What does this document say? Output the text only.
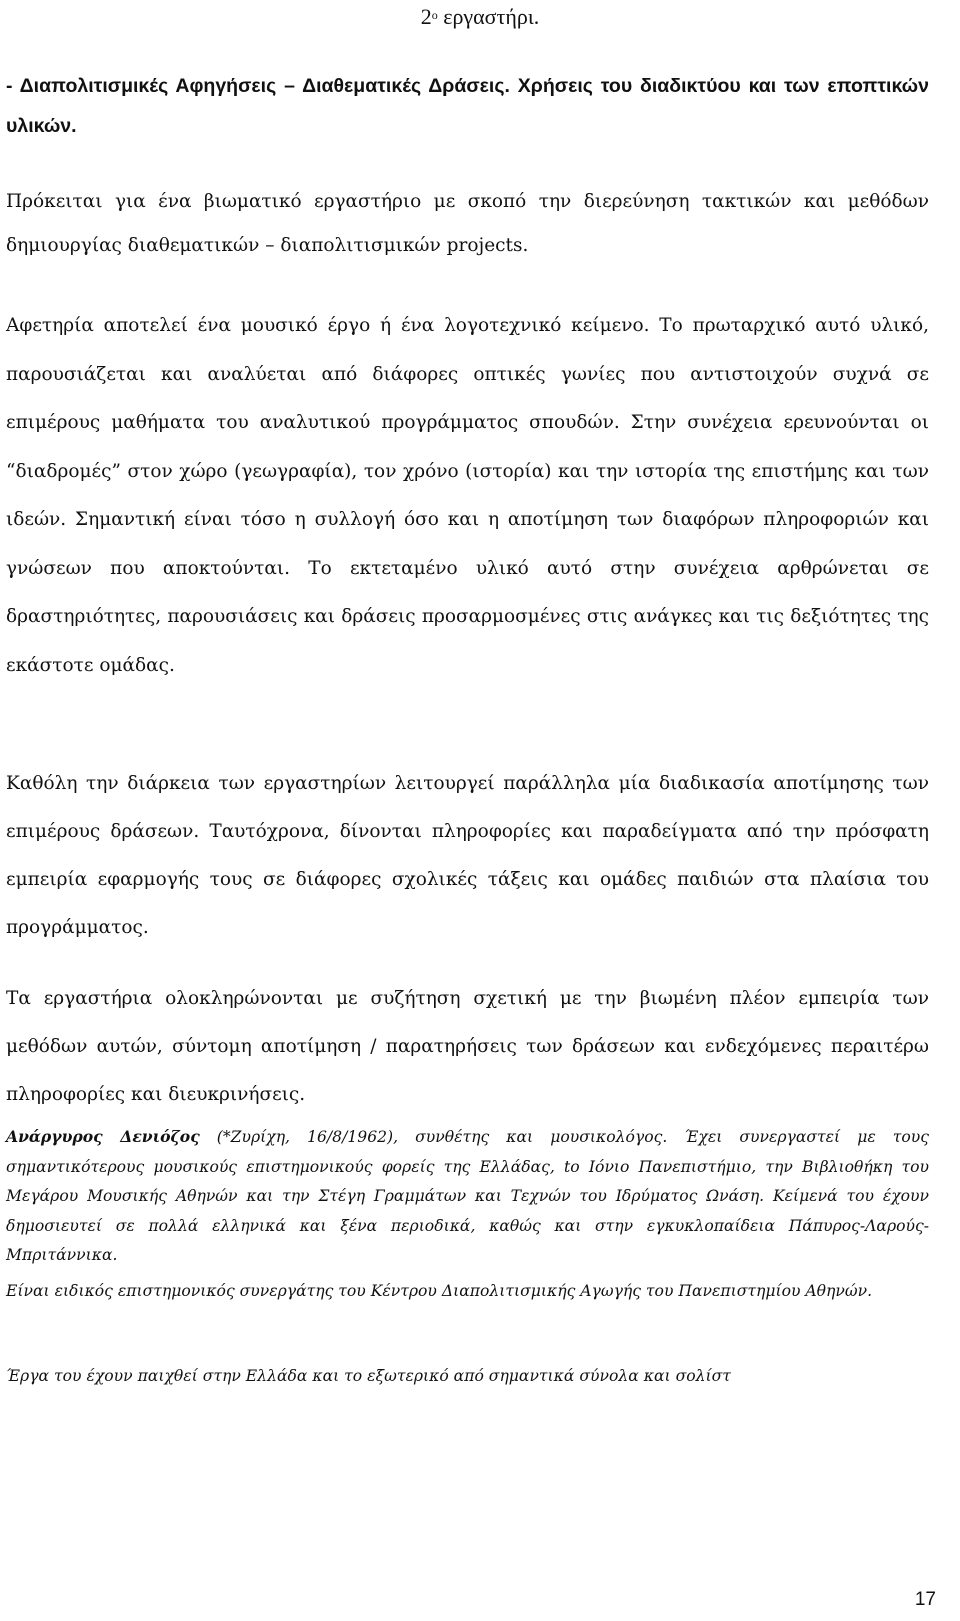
$2^o$ εργαστήρι.
- Διαπολιτισμικές Αφηγήσεις – Διαθεματικές Δράσεις. Χρήσεις του διαδικτύου και των εποπτικών υλικών.
Πρόκειται για ένα βιωματικό εργαστήριο με σκοπό την διερεύνηση τακτικών και μεθόδων δημιουργίας διαθεματικών – διαπολιτισμικών projects.
Αφετηρία αποτελεί ένα μουσικό έργο ή ένα λογοτεχνικό κείμενο. Το πρωταρχικό αυτό υλικό, παρουσιάζεται και αναλύεται από διάφορες οπτικές γωνίες που αντιστοιχούν συχνά σε επιμέρους μαθήματα του αναλυτικού προγράμματος σπουδών. Στην συνέχεια ερευνούνται οι “διαδρομές” στον χώρο (γεωγραφία), τον χρόνο (ιστορία) και την ιστορία της επιστήμης και των ιδεών. Σημαντική είναι τόσο η συλλογή όσο και η αποτίμηση των διαφόρων πληροφοριών και γνώσεων που αποκτούνται. Το εκτεταμένο υλικό αυτό στην συνέχεια αρθρώνεται σε δραστηριότητες, παρουσιάσεις και δράσεις προσαρμοσμένες στις ανάγκες και τις δεξιότητες της εκάστοτε ομάδας.
Καθόλη την διάρκεια των εργαστηρίων λειτουργεί παράλληλα μία διαδικασία αποτίμησης των επιμέρους δράσεων. Ταυτόχρονα, δίνονται πληροφορίες και παραδείγματα από την πρόσφατη εμπειρία εφαρμογής τους σε διάφορες σχολικές τάξεις και ομάδες παιδιών στα πλαίσια του προγράμματος.
Τα εργαστήρια ολοκληρώνονται με συζήτηση σχετική με την βιωμένη πλέον εμπειρία των μεθόδων αυτών, σύντομη αποτίμηση / παρατηρήσεις των δράσεων και ενδεχόμενες περαιτέρω πληροφορίες και διευκρινήσεις.
Ανάργυρος Δενιόζος (*Ζυρίχη, 16/8/1962), συνθέτης και μουσικολόγος. Έχει συνεργαστεί με τους σημαντικότερους μουσικούς επιστημονικούς φορείς της Ελλάδας, to Ιόνιο Πανεπιστήμιο, την Βιβλιοθήκη του Μεγάρου Μουσικής Αθηνών και την Στέγη Γραμμάτων και Τεχνών του Ιδρύματος Ωνάση. Κείμενά του έχουν δημοσιευτεί σε πολλά ελληνικά και ξένα περιοδικά, καθώς και στην εγκυκλοπαίδεια Πάπυρος-Λαρούς-Μπριτάννικα.
Είναι ειδικός επιστημονικός συνεργάτης του Κέντρου Διαπολιτισμικής Αγωγής του Πανεπιστημίου Αθηνών.
Έργα του έχουν παιχθεί στην Ελλάδα και το εξωτερικό από σημαντικά σύνολα και σολίστ
17
